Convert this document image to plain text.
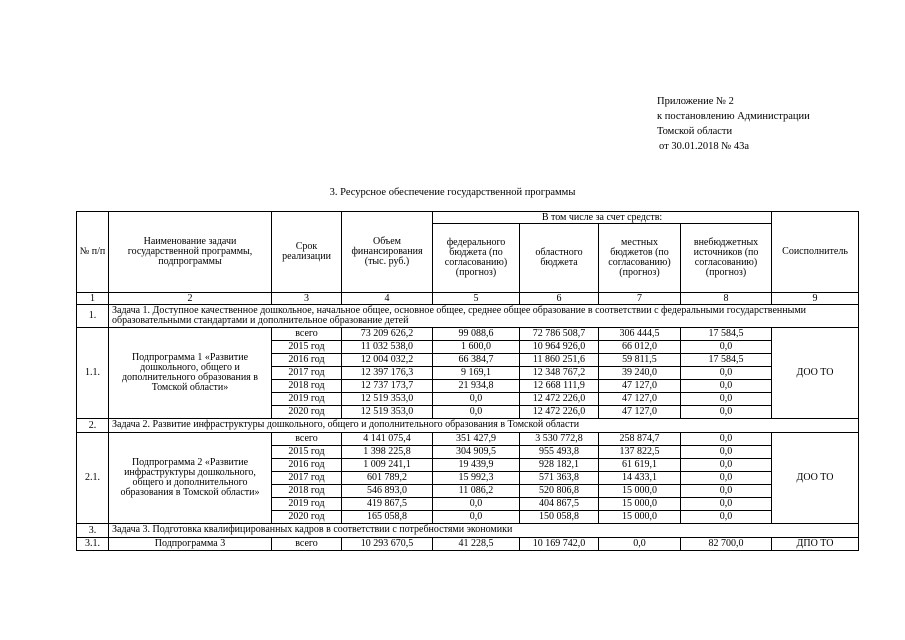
Приложение № 2
к постановлению Администрации
Томской области
от 30.01.2018 № 43а
3. Ресурсное обеспечение государственной программы
№ п/п	Наименование задачи государственной программы, подпрограммы	Срок реализации	Объем финансирования (тыс. руб.)	В том числе за счет средств:				Соисполнитель
				федерального бюджета (по согласованию) (прогноз)	областного бюджета	местных бюджетов (по согласованию) (прогноз)	внебюджетных источников (по согласованию) (прогноз)	
1	2	3	4	5	6	7	8	9
1.	Задача 1. Доступное качественное дошкольное, начальное общее, основное общее, среднее общее образование в соответствии с федеральными государственными образовательными стандартами и дополнительное образование детей							
1.1.	Подпрограмма 1 «Развитие дошкольного, общего и дополнительного образования в Томской области»	всего	73 209 626,2	99 088,6	72 786 508,7	306 444,5	17 584,5	ДОО ТО
		2015 год	11 032 538,0	1 600,0	10 964 926,0	66 012,0	0,0	
		2016 год	12 004 032,2	66 384,7	11 860 251,6	59 811,5	17 584,5	
		2017 год	12 397 176,3	9 169,1	12 348 767,2	39 240,0	0,0	
		2018 год	12 737 173,7	21 934,8	12 668 111,9	47 127,0	0,0	
		2019 год	12 519 353,0	0,0	12 472 226,0	47 127,0	0,0	
		2020 год	12 519 353,0	0,0	12 472 226,0	47 127,0	0,0	
2.	Задача 2. Развитие инфраструктуры дошкольного, общего и дополнительного образования в Томской области							
2.1.	Подпрограмма 2 «Развитие инфраструктуры дошкольного, общего и дополнительного образования в Томской области»	всего	4 141 075,4	351 427,9	3 530 772,8	258 874,7	0,0	ДОО ТО
		2015 год	1 398 225,8	304 909,5	955 493,8	137 822,5	0,0	
		2016 год	1 009 241,1	19 439,9	928 182,1	61 619,1	0,0	
		2017 год	601 789,2	15 992,3	571 363,8	14 433,1	0,0	
		2018 год	546 893,0	11 086,2	520 806,8	15 000,0	0,0	
		2019 год	419 867,5	0,0	404 867,5	15 000,0	0,0	
		2020 год	165 058,8	0,0	150 058,8	15 000,0	0,0	
3.	Задача 3. Подготовка квалифицированных кадров в соответствии с потребностями экономики							
3.1.	Подпрограмма 3	всего	10 293 670,5	41 228,5	10 169 742,0	0,0	82 700,0	ДПО ТО
